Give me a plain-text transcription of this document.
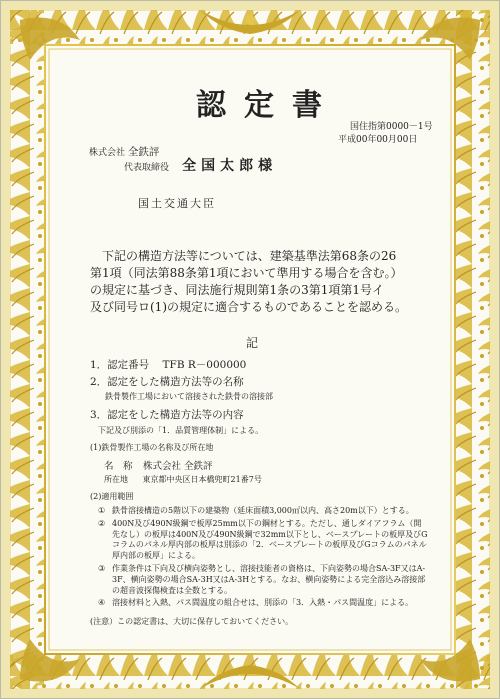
認定書
国住指第0000－1号
平成00年00月00日
株式会社 全鉄評
代表取締役 全国太郎様
国土交通大臣
下記の構造方法等については、建築基準法第68条の26
第1項（同法第88条第1項において準用する場合を含む。）
の規定に基づき、同法施行規則第1条の3第1項第1号イ
及び同号ロ(1)の規定に適合するものであることを認める。
記
1．認定番号 TFB R－000000
2．認定をした構造方法等の名称
鉄骨製作工場において溶接された鉄骨の溶接部
3．認定をした構造方法等の内容
下記及び別添の「1．品質管理体制」による。
(1)鉄骨製作工場の名称及び所在地
名　称 株式会社 全鉄評
所在地 東京都中央区日本橋兜町21番7号
(2)適用範囲
① 鉄骨溶接構造の5階以下の建築物（延床面積3,000㎡以内、高さ20m以下）とする。
② 400N及び490N級鋼で板厚25mm以下の鋼材とする。ただし、通しダイアフラム（開先なし）の板厚は400N及び490N級鋼で32mm以下とし、ベースプレートの板厚及びGコラムのパネル厚内部の板厚は別添の「2．ベースプレートの板厚及びGコラムのパネル厚内部の板厚」による。
③ 作業条件は下向及び横向姿勢とし、溶接技能者の資格は、下向姿勢の場合SA-3F又はA-3F、横向姿勢の場合SA-3H又はA-3Hとする。なお、横向姿勢による完全溶込み溶接部の超音波探傷検査は全数とする。
④ 溶接材料と入熱、パス間温度の組合せは、別添の「3．入熱・パス間温度」による。
(注意）この認定書は、大切に保存しておいてください。
